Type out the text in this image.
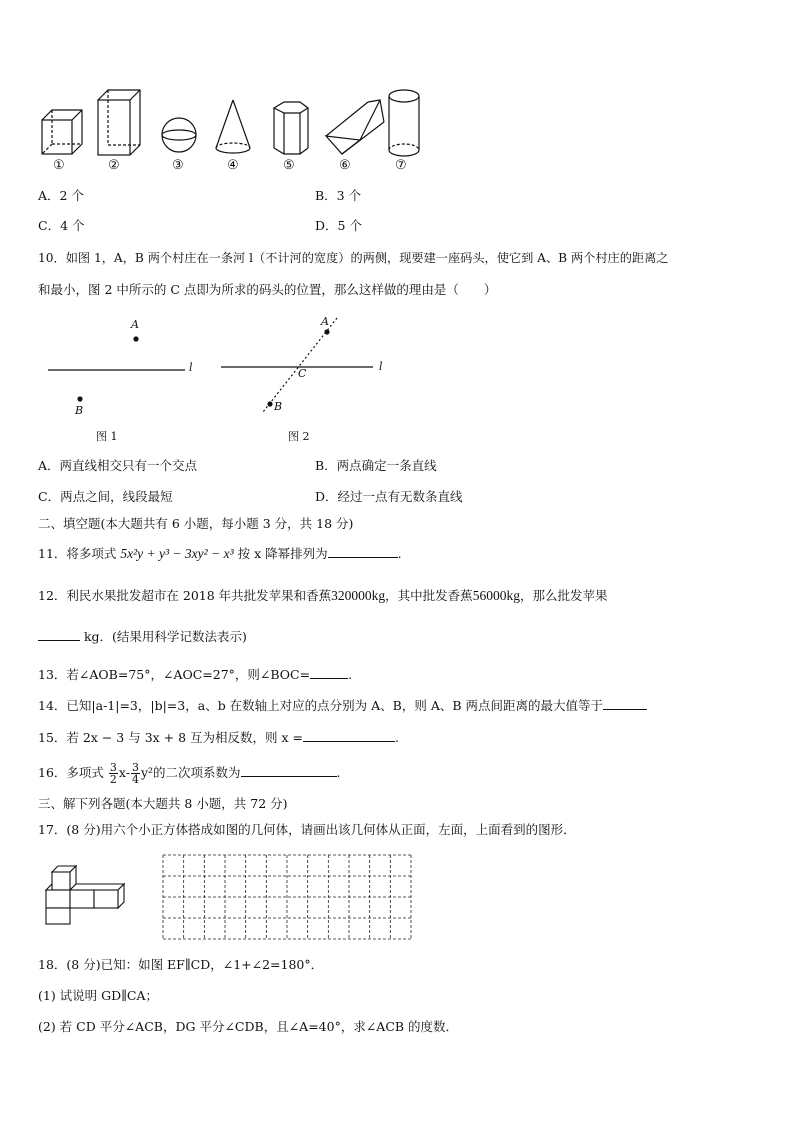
①	②	③	④	⑤	⑥	⑦
A．2 个	B．3 个
C．4 个	D．5 个
10．如图 1，A，B 两个村庄在一条河 l（不计河的宽度）的两侧，现要建一座码头，使它到 A、B 两个村庄的距离之
和最小，图 2 中所示的 C 点即为所求的码头的位置，那么这样做的理由是（　　）
A
B
l
图 1
A
B
C
l
图 2
A．两直线相交只有一个交点	B．两点确定一条直线
C．两点之间，线段最短	D．经过一点有无数条直线
二、填空题(本大题共有 6 小题，每小题 3 分，共 18 分)
11．将多项式 5x²y + y³ − 3xy² − x³ 按 x 降幂排列为	.
12．利民水果批发超市在 2018 年共批发苹果和香蕉320000kg，其中批发香蕉56000kg，那么批发苹果
kg．(结果用科学记数法表示)
13．若∠AOB=75°，∠AOC=27°，则∠BOC=	.
14．已知|a-1|=3，|b|=3，a、b 在数轴上对应的点分别为 A、B，则 A、B 两点间距离的最大值等于
15．若 2x − 3 与 3x + 8 互为相反数，则 x =	.
16．多项式 $\frac{3}{2} x- \frac{3}{4} y^2$的二次项系数为	.
三、解下列各题(本大题共 8 小题，共 72 分)
17．(8 分)用六个小正方体搭成如图的几何体，请画出该几何体从正面，左面，上面看到的图形．
18．(8 分)已知：如图 EF∥CD，∠1+∠2=180°．
(1) 试说明 GD∥CA；
(2) 若 CD 平分∠ACB，DG 平分∠CDB，且∠A=40°，求∠ACB 的度数．
